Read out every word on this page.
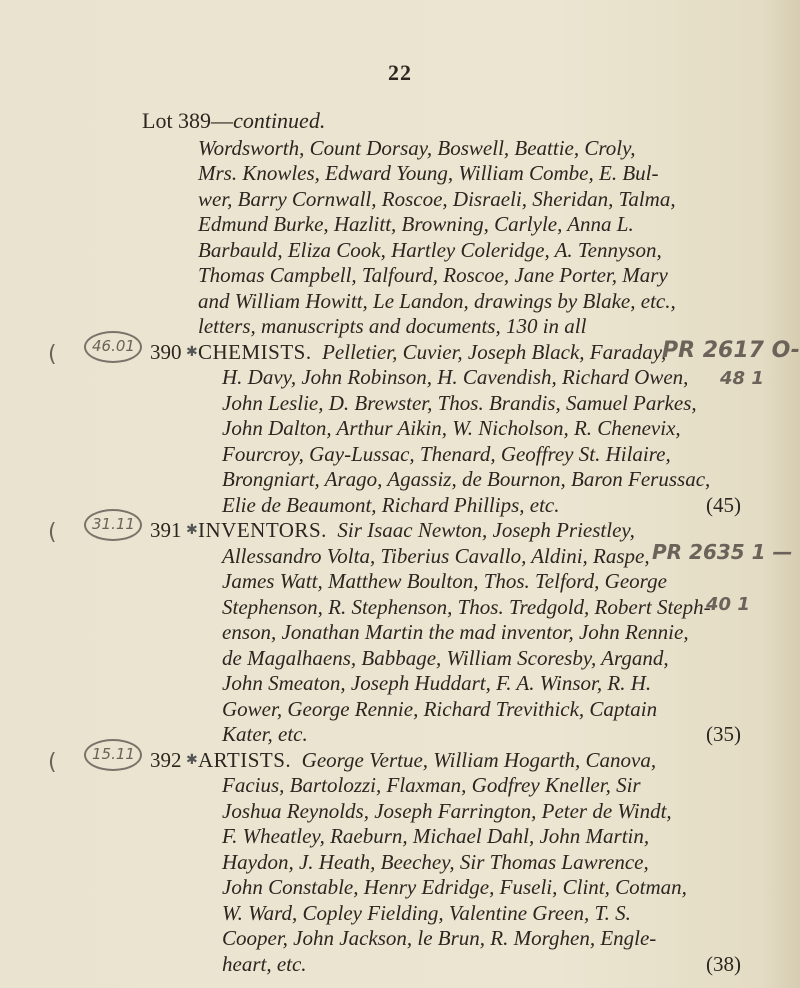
22
Lot 389—continued.
Wordsworth, Count Dorsay, Boswell, Beattie, Croly,
Mrs. Knowles, Edward Young, William Combe, E. Bul-
wer, Barry Cornwall, Roscoe, Disraeli, Sheridan, Talma,
Edmund Burke, Hazlitt, Browning, Carlyle, Anna L.
Barbauld, Eliza Cook, Hartley Coleridge, A. Tennyson,
Thomas Campbell, Talfourd, Roscoe, Jane Porter, Mary
and William Howitt, Le Landon, drawings by Blake, etc.,
letters, manuscripts and documents, 130 in all
46.01
(	390 ✱ CHEMISTS. Pelletier, Cuvier, Joseph Black, Faraday,
PR 2617 O-
48 1
H. Davy, John Robinson, H. Cavendish, Richard Owen,
John Leslie, D. Brewster, Thos. Brandis, Samuel Parkes,
John Dalton, Arthur Aikin, W. Nicholson, R. Chenevix,
Fourcroy, Gay-Lussac, Thenard, Geoffrey St. Hilaire,
Brongniart, Arago, Agassiz, de Bournon, Baron Ferussac,
Elie de Beaumont, Richard Phillips, etc.	(45)
31.11
(	391 ✱ INVENTORS. Sir Isaac Newton, Joseph Priestley,
Allessandro Volta, Tiberius Cavallo, Aldini, Raspe, PR 2635 1 —
James Watt, Matthew Boulton, Thos. Telford, George
Stephenson, R. Stephenson, Thos. Tredgold, Robert Steph-
40 1
enson, Jonathan Martin the mad inventor, John Rennie,
de Magalhaens, Babbage, William Scoresby, Argand,
John Smeaton, Joseph Huddart, F. A. Winsor, R. H.
Gower, George Rennie, Richard Trevithick, Captain
Kater, etc.	(35)
15.11
(	392 ✱ ARTISTS. George Vertue, William Hogarth, Canova,
Facius, Bartolozzi, Flaxman, Godfrey Kneller, Sir
Joshua Reynolds, Joseph Farrington, Peter de Windt,
F. Wheatley, Raeburn, Michael Dahl, John Martin,
Haydon, J. Heath, Beechey, Sir Thomas Lawrence,
John Constable, Henry Edridge, Fuseli, Clint, Cotman,
W. Ward, Copley Fielding, Valentine Green, T. S.
Cooper, John Jackson, le Brun, R. Morghen, Engle-
heart, etc.	(38)
